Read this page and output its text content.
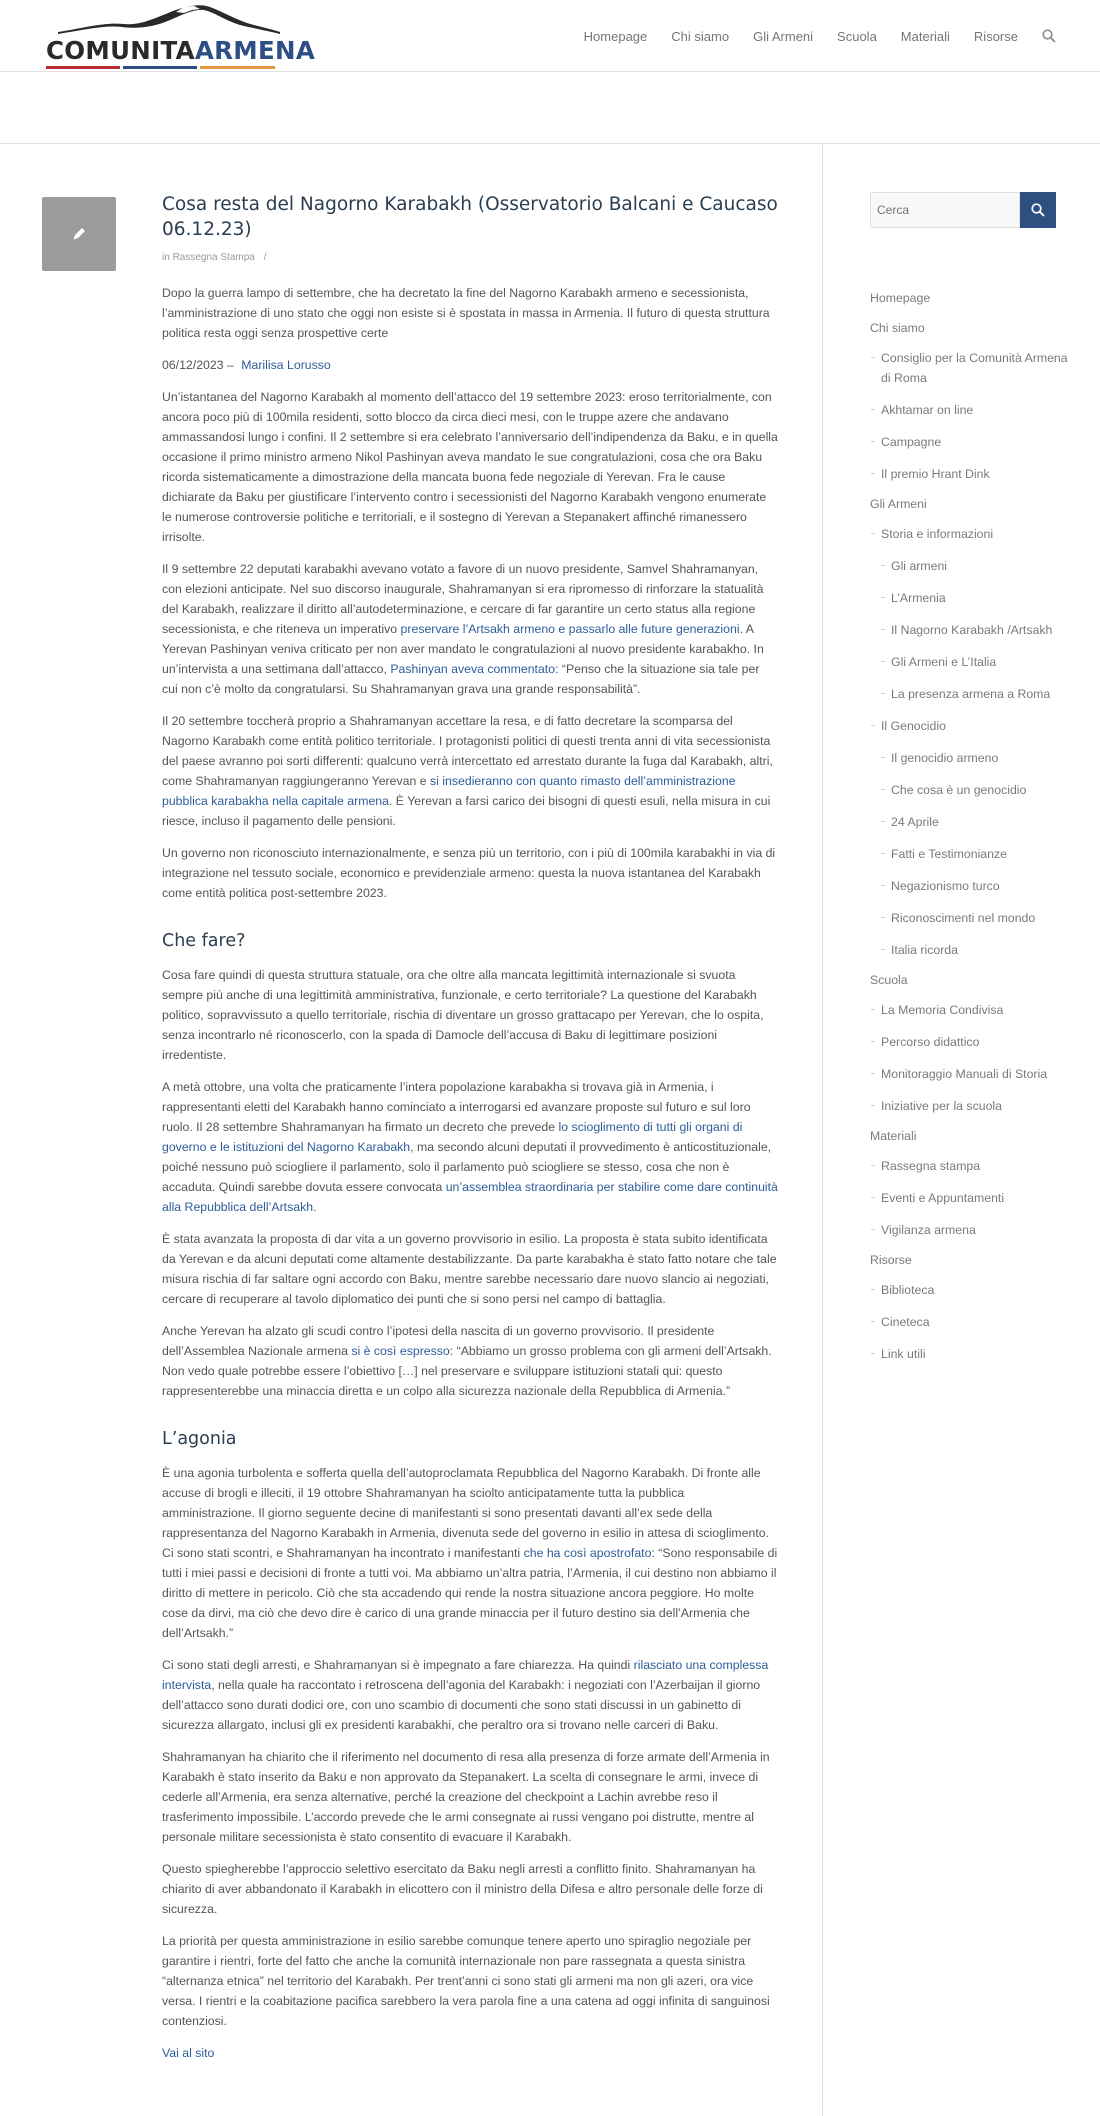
COMUNITAARMENA	Homepage Chi siamo Gli Armeni Scuola Materiali Risorse
Cosa resta del Nagorno Karabakh (Osservatorio Balcani e Caucaso 06.12.23)
in Rassegna Stampa /

Dopo la guerra lampo di settembre, che ha decretato la fine del Nagorno Karabakh armeno e secessionista, l’amministrazione di uno stato che oggi non esiste si è spostata in massa in Armenia. Il futuro di questa struttura politica resta oggi senza prospettive certe

06/12/2023 – Marilisa Lorusso

Un’istantanea del Nagorno Karabakh al momento dell’attacco del 19 settembre 2023: eroso territorialmente, con ancora poco più di 100mila residenti, sotto blocco da circa dieci mesi, con le truppe azere che andavano ammassandosi lungo i confini. Il 2 settembre si era celebrato l’anniversario dell’indipendenza da Baku, e in quella occasione il primo ministro armeno Nikol Pashinyan aveva mandato le sue congratulazioni, cosa che ora Baku ricorda sistematicamente a dimostrazione della mancata buona fede negoziale di Yerevan. Fra le cause dichiarate da Baku per giustificare l’intervento contro i secessionisti del Nagorno Karabakh vengono enumerate le numerose controversie politiche e territoriali, e il sostegno di Yerevan a Stepanakert affinché rimanessero irrisolte.

Il 9 settembre 22 deputati karabakhi avevano votato a favore di un nuovo presidente, Samvel Shahramanyan, con elezioni anticipate. Nel suo discorso inaugurale, Shahramanyan si era ripromesso di rinforzare la statualità del Karabakh, realizzare il diritto all’autodeterminazione, e cercare di far garantire un certo status alla regione secessionista, e che riteneva un imperativo preservare l’Artsakh armeno e passarlo alle future generazioni. A Yerevan Pashinyan veniva criticato per non aver mandato le congratulazioni al nuovo presidente karabakho. In un’intervista a una settimana dall’attacco, Pashinyan aveva commentato: “Penso che la situazione sia tale per cui non c’è molto da congratularsi. Su Shahramanyan grava una grande responsabilità”.

Il 20 settembre toccherà proprio a Shahramanyan accettare la resa, e di fatto decretare la scomparsa del Nagorno Karabakh come entità politico territoriale. I protagonisti politici di questi trenta anni di vita secessionista del paese avranno poi sorti differenti: qualcuno verrà intercettato ed arrestato durante la fuga dal Karabakh, altri, come Shahramanyan raggiungeranno Yerevan e si insedieranno con quanto rimasto dell’amministrazione pubblica karabakha nella capitale armena. È Yerevan a farsi carico dei bisogni di questi esuli, nella misura in cui riesce, incluso il pagamento delle pensioni.

Un governo non riconosciuto internazionalmente, e senza più un territorio, con i più di 100mila karabakhi in via di integrazione nel tessuto sociale, economico e previdenziale armeno: questa la nuova istantanea del Karabakh come entità politica post-settembre 2023.

Che fare?

Cosa fare quindi di questa struttura statuale, ora che oltre alla mancata legittimità internazionale si svuota sempre più anche di una legittimità amministrativa, funzionale, e certo territoriale? La questione del Karabakh politico, sopravvissuto a quello territoriale, rischia di diventare un grosso grattacapo per Yerevan, che lo ospita, senza incontrarlo né riconoscerlo, con la spada di Damocle dell’accusa di Baku di legittimare posizioni irredentiste.

A metà ottobre, una volta che praticamente l’intera popolazione karabakha si trovava già in Armenia, i rappresentanti eletti del Karabakh hanno cominciato a interrogarsi ed avanzare proposte sul futuro e sul loro ruolo. Il 28 settembre Shahramanyan ha firmato un decreto che prevede lo scioglimento di tutti gli organi di governo e le istituzioni del Nagorno Karabakh, ma secondo alcuni deputati il provvedimento è anticostituzionale, poiché nessuno può sciogliere il parlamento, solo il parlamento può sciogliere se stesso, cosa che non è accaduta. Quindi sarebbe dovuta essere convocata un’assemblea straordinaria per stabilire come dare continuità alla Repubblica dell’Artsakh.

È stata avanzata la proposta di dar vita a un governo provvisorio in esilio. La proposta è stata subito identificata da Yerevan e da alcuni deputati come altamente destabilizzante. Da parte karabakha è stato fatto notare che tale misura rischia di far saltare ogni accordo con Baku, mentre sarebbe necessario dare nuovo slancio ai negoziati, cercare di recuperare al tavolo diplomatico dei punti che si sono persi nel campo di battaglia.

Anche Yerevan ha alzato gli scudi contro l’ipotesi della nascita di un governo provvisorio. Il presidente dell’Assemblea Nazionale armena si è così espresso: “Abbiamo un grosso problema con gli armeni dell’Artsakh. Non vedo quale potrebbe essere l’obiettivo […] nel preservare e sviluppare istituzioni statali qui: questo rappresenterebbe una minaccia diretta e un colpo alla sicurezza nazionale della Repubblica di Armenia.”

L’agonia

È una agonia turbolenta e sofferta quella dell’autoproclamata Repubblica del Nagorno Karabakh. Di fronte alle accuse di brogli e illeciti, il 19 ottobre Shahramanyan ha sciolto anticipatamente tutta la pubblica amministrazione. Il giorno seguente decine di manifestanti si sono presentati davanti all’ex sede della rappresentanza del Nagorno Karabakh in Armenia, divenuta sede del governo in esilio in attesa di scioglimento. Ci sono stati scontri, e Shahramanyan ha incontrato i manifestanti che ha così apostrofato: “Sono responsabile di tutti i miei passi e decisioni di fronte a tutti voi. Ma abbiamo un’altra patria, l’Armenia, il cui destino non abbiamo il diritto di mettere in pericolo. Ciò che sta accadendo qui rende la nostra situazione ancora peggiore. Ho molte cose da dirvi, ma ciò che devo dire è carico di una grande minaccia per il futuro destino sia dell’Armenia che dell’Artsakh.”

Ci sono stati degli arresti, e Shahramanyan si è impegnato a fare chiarezza. Ha quindi rilasciato una complessa intervista, nella quale ha raccontato i retroscena dell’agonia del Karabakh: i negoziati con l’Azerbaijan il giorno dell’attacco sono durati dodici ore, con uno scambio di documenti che sono stati discussi in un gabinetto di sicurezza allargato, inclusi gli ex presidenti karabakhi, che peraltro ora si trovano nelle carceri di Baku.

Shahramanyan ha chiarito che il riferimento nel documento di resa alla presenza di forze armate dell’Armenia in Karabakh è stato inserito da Baku e non approvato da Stepanakert. La scelta di consegnare le armi, invece di cederle all’Armenia, era senza alternative, perché la creazione del checkpoint a Lachin avrebbe reso il trasferimento impossibile. L’accordo prevede che le armi consegnate ai russi vengano poi distrutte, mentre al personale militare secessionista è stato consentito di evacuare il Karabakh.

Questo spiegherebbe l’approccio selettivo esercitato da Baku negli arresti a conflitto finito. Shahramanyan ha chiarito di aver abbandonato il Karabakh in elicottero con il ministro della Difesa e altro personale delle forze di sicurezza.

La priorità per questa amministrazione in esilio sarebbe comunque tenere aperto uno spiraglio negoziale per garantire i rientri, forte del fatto che anche la comunità internazionale non pare rassegnata a questa sinistra “alternanza etnica” nel territorio del Karabakh. Per trent’anni ci sono stati gli armeni ma non gli azeri, ora vice versa. I rientri e la coabitazione pacifica sarebbero la vera parola fine a una catena ad oggi infinita di sanguinosi contenziosi.

Vai al sito

Cerca
Homepage
Chi siamo
Consiglio per la Comunità Armena di Roma
Akhtamar on line
Campagne
Il premio Hrant Dink
Gli Armeni
Storia e informazioni
Gli armeni
L’Armenia
Il Nagorno Karabakh /Artsakh
Gli Armeni e L’Italia
La presenza armena a Roma
Il Genocidio
Il genocidio armeno
Che cosa è un genocidio
24 Aprile
Fatti e Testimonianze
Negazionismo turco
Riconoscimenti nel mondo
Italia ricorda
Scuola
La Memoria Condivisa
Percorso didattico
Monitoraggio Manuali di Storia
Iniziative per la scuola
Materiali
Rassegna stampa
Eventi e Appuntamenti
Vigilanza armena
Risorse
Biblioteca
Cineteca
Link utili
